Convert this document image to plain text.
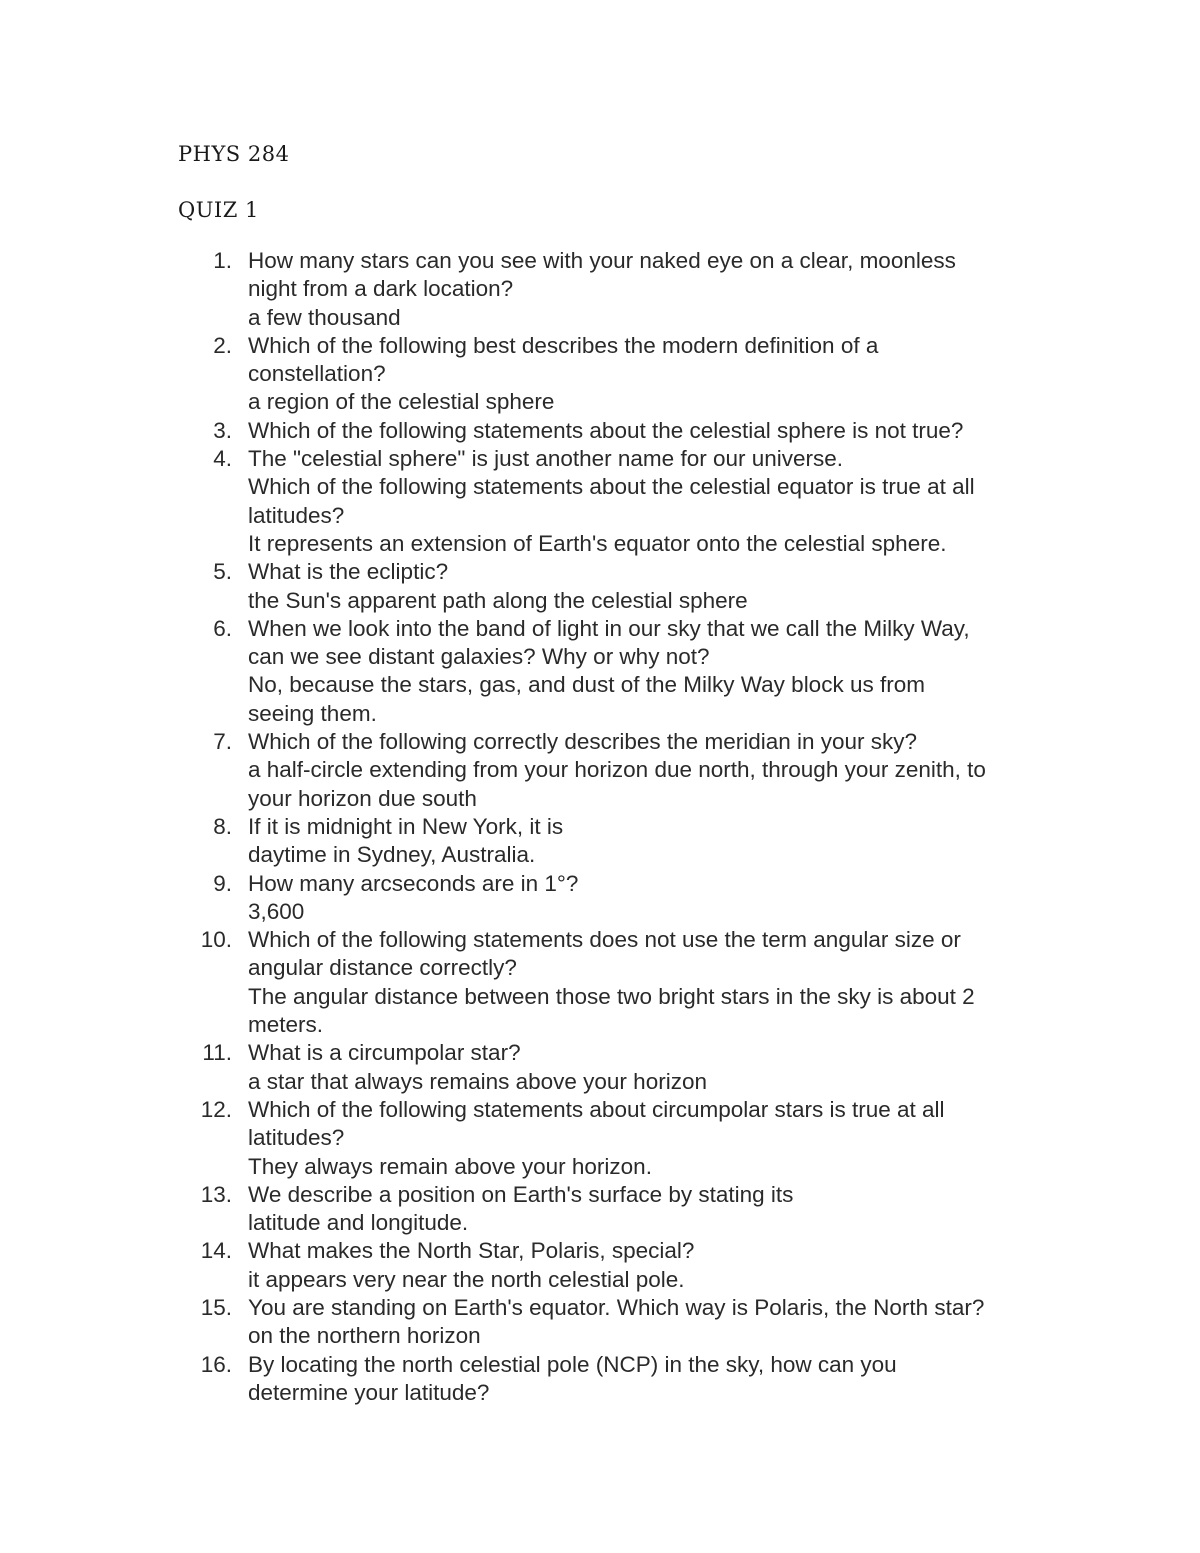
PHYS 284
QUIZ 1
1. How many stars can you see with your naked eye on a clear, moonless
night from a dark location?
a few thousand
2. Which of the following best describes the modern definition of a
constellation?
a region of the celestial sphere
3. Which of the following statements about the celestial sphere is not true?
4. The "celestial sphere" is just another name for our universe.
Which of the following statements about the celestial equator is true at all
latitudes?
It represents an extension of Earth's equator onto the celestial sphere.
5. What is the ecliptic?
the Sun's apparent path along the celestial sphere
6. When we look into the band of light in our sky that we call the Milky Way,
can we see distant galaxies? Why or why not?
No, because the stars, gas, and dust of the Milky Way block us from
seeing them.
7. Which of the following correctly describes the meridian in your sky?
a half-circle extending from your horizon due north, through your zenith, to
your horizon due south
8. If it is midnight in New York, it is
daytime in Sydney, Australia.
9. How many arcseconds are in 1°?
3,600
10. Which of the following statements does not use the term angular size or
angular distance correctly?
The angular distance between those two bright stars in the sky is about 2
meters.
11. What is a circumpolar star?
a star that always remains above your horizon
12. Which of the following statements about circumpolar stars is true at all
latitudes?
They always remain above your horizon.
13. We describe a position on Earth's surface by stating its
latitude and longitude.
14. What makes the North Star, Polaris, special?
it appears very near the north celestial pole.
15. You are standing on Earth's equator. Which way is Polaris, the North star?
on the northern horizon
16. By locating the north celestial pole (NCP) in the sky, how can you
determine your latitude?
